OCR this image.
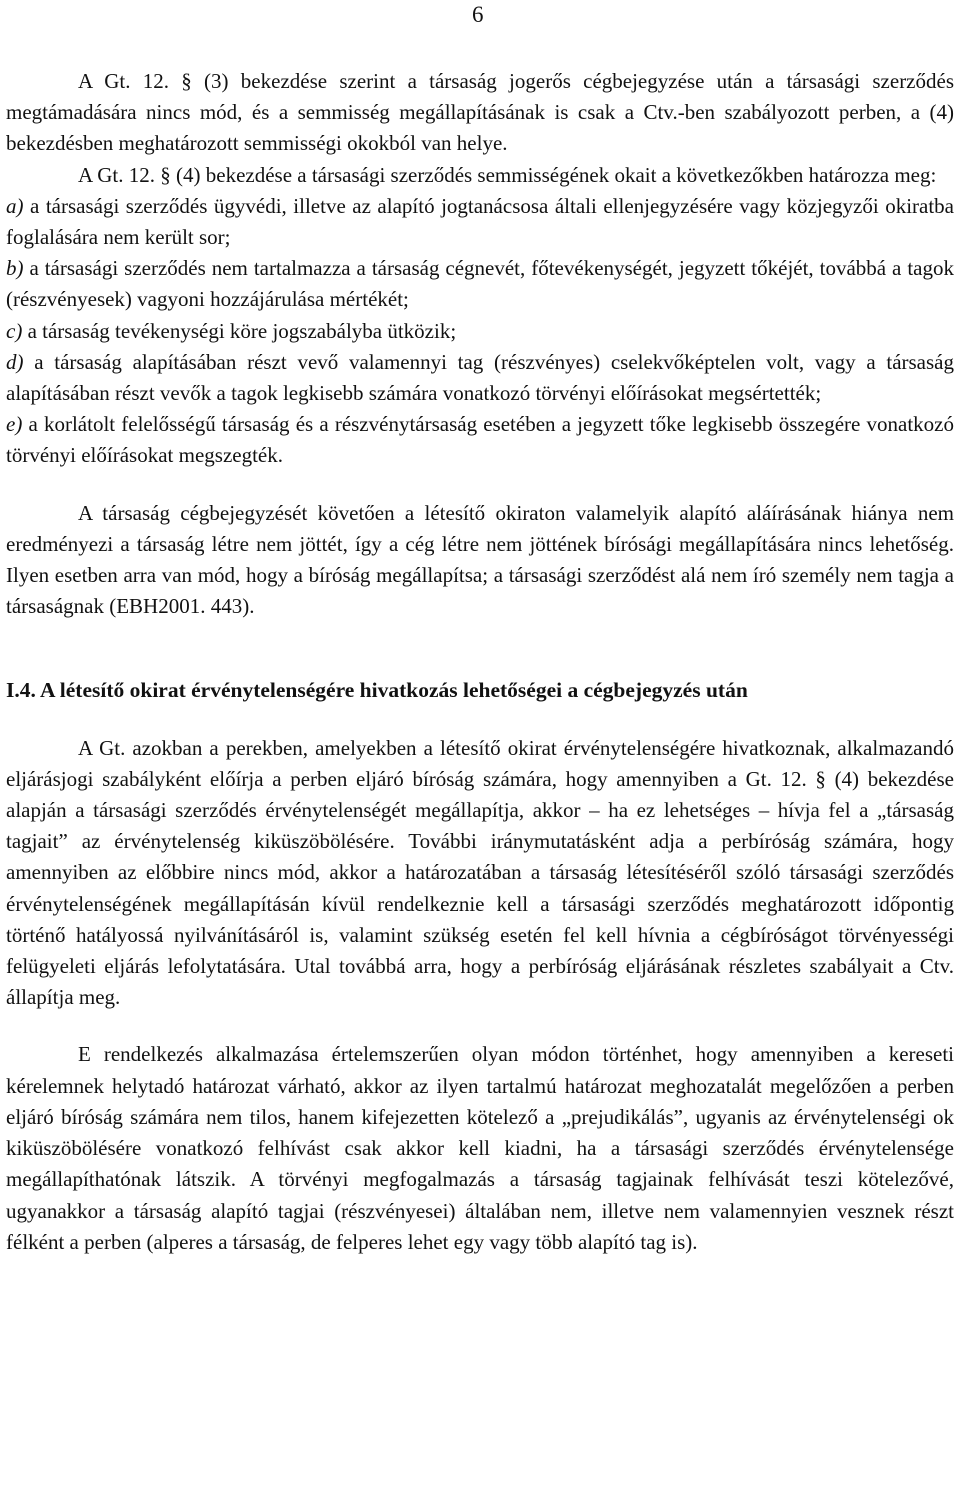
6

A Gt. 12. § (3) bekezdése szerint a társaság jogerős cégbejegyzése után a társasági szerződés megtámadására nincs mód, és a semmisség megállapításának is csak a Ctv.-ben szabályozott perben, a (4) bekezdésben meghatározott semmisségi okokból van helye.

A Gt. 12. § (4) bekezdése a társasági szerződés semmisségének okait a következőkben határozza meg:

a) a társasági szerződés ügyvédi, illetve az alapító jogtanácsosa általi ellenjegyzésére vagy közjegyzői okiratba foglalására nem került sor;

b) a társasági szerződés nem tartalmazza a társaság cégnevét, főtevékenységét, jegyzett tőkéjét, továbbá a tagok (részvényesek) vagyoni hozzájárulása mértékét;

c) a társaság tevékenységi köre jogszabályba ütközik;

d) a társaság alapításában részt vevő valamennyi tag (részvényes) cselekvőképtelen volt, vagy a társaság alapításában részt vevők a tagok legkisebb számára vonatkozó törvényi előírásokat megsértették;

e) a korlátolt felelősségű társaság és a részvénytársaság esetében a jegyzett tőke legkisebb összegére vonatkozó törvényi előírásokat megszegték.

A társaság cégbejegyzését követően a létesítő okiraton valamelyik alapító aláírásának hiánya nem eredményezi a társaság létre nem jöttét, így a cég létre nem jöttének bírósági megállapítására nincs lehetőség. Ilyen esetben arra van mód, hogy a bíróság megállapítsa; a társasági szerződést alá nem író személy nem tagja a társaságnak (EBH2001. 443).

I.4. A létesítő okirat érvénytelenségére hivatkozás lehetőségei a cégbejegyzés után

A Gt. azokban a perekben, amelyekben a létesítő okirat érvénytelenségére hivatkoznak, alkalmazandó eljárásjogi szabályként előírja a perben eljáró bíróság számára, hogy amennyiben a Gt. 12. § (4) bekezdése alapján a társasági szerződés érvénytelenségét megállapítja, akkor – ha ez lehetséges – hívja fel a „társaság tagjait” az érvénytelenség kiküszöbölésére. További iránymutatásként adja a perbíróság számára, hogy amennyiben az előbbire nincs mód, akkor a határozatában a társaság létesítéséről szóló társasági szerződés érvénytelenségének megállapításán kívül rendelkeznie kell a társasági szerződés meghatározott időpontig történő hatályossá nyilvánításáról is, valamint szükség esetén fel kell hívnia a cégbíróságot törvényességi felügyeleti eljárás lefolytatására. Utal továbbá arra, hogy a perbíróság eljárásának részletes szabályait a Ctv. állapítja meg.

E rendelkezés alkalmazása értelemszerűen olyan módon történhet, hogy amennyiben a kereseti kérelemnek helytadó határozat várható, akkor az ilyen tartalmú határozat meghozatalát megelőzően a perben eljáró bíróság számára nem tilos, hanem kifejezetten kötelező a „prejudikálás”, ugyanis az érvénytelenségi ok kiküszöbölésére vonatkozó felhívást csak akkor kell kiadni, ha a társasági szerződés érvénytelensége megállapíthatónak látszik. A törvényi megfogalmazás a társaság tagjainak felhívását teszi kötelezővé, ugyanakkor a társaság alapító tagjai (részvényesei) általában nem, illetve nem valamennyien vesznek részt félként a perben (alperes a társaság, de felperes lehet egy vagy több alapító tag is).
